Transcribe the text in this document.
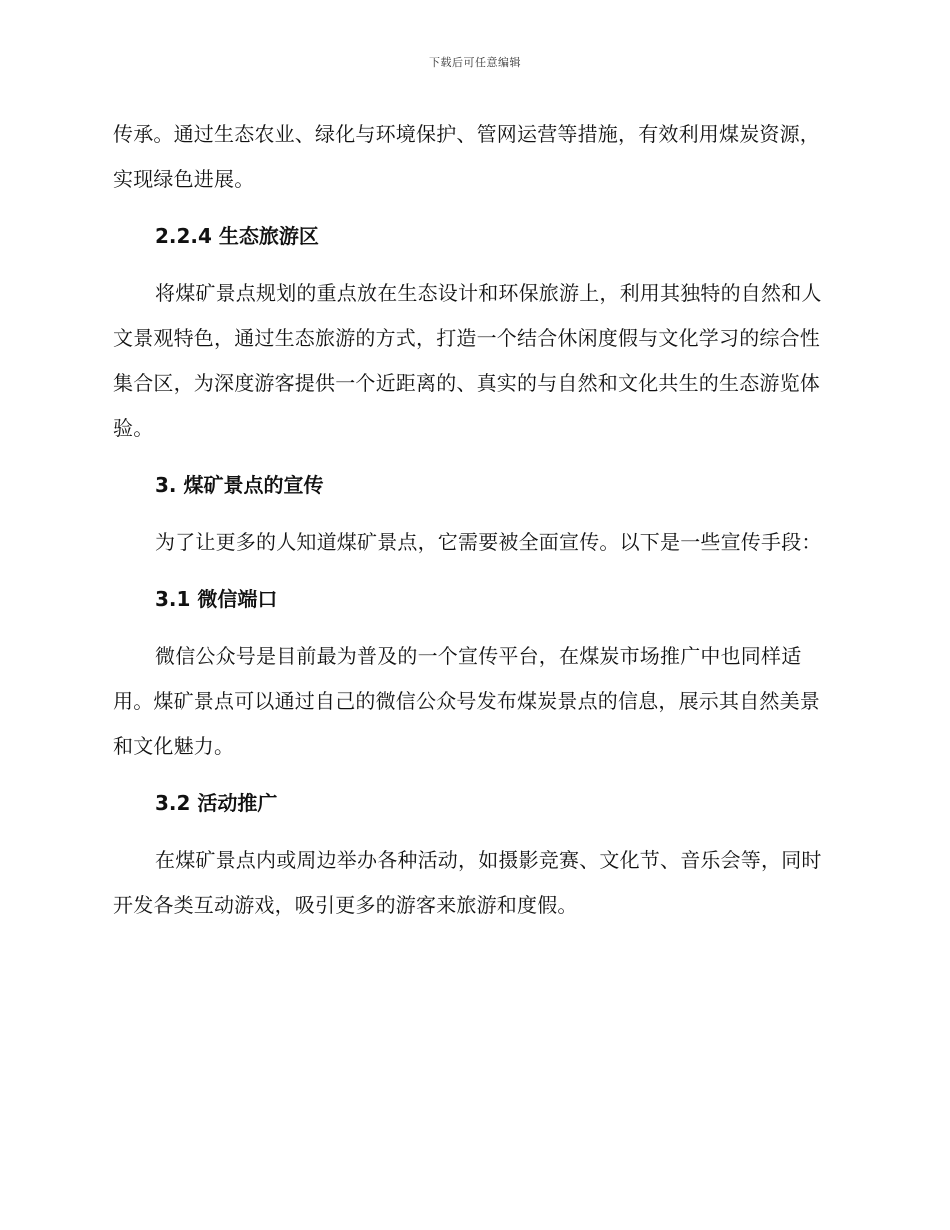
下载后可任意编辑

传承。通过生态农业、绿化与环境保护、管网运营等措施，有效利用煤炭资源，实现绿色进展。

2.2.4 生态旅游区

将煤矿景点规划的重点放在生态设计和环保旅游上，利用其独特的自然和人文景观特色，通过生态旅游的方式，打造一个结合休闲度假与文化学习的综合性集合区，为深度游客提供一个近距离的、真实的与自然和文化共生的生态游览体验。

3. 煤矿景点的宣传

为了让更多的人知道煤矿景点，它需要被全面宣传。以下是一些宣传手段：

3.1 微信端口

微信公众号是目前最为普及的一个宣传平台，在煤炭市场推广中也同样适用。煤矿景点可以通过自己的微信公众号发布煤炭景点的信息，展示其自然美景和文化魅力。

3.2 活动推广

在煤矿景点内或周边举办各种活动，如摄影竞赛、文化节、音乐会等，同时开发各类互动游戏，吸引更多的游客来旅游和度假。
